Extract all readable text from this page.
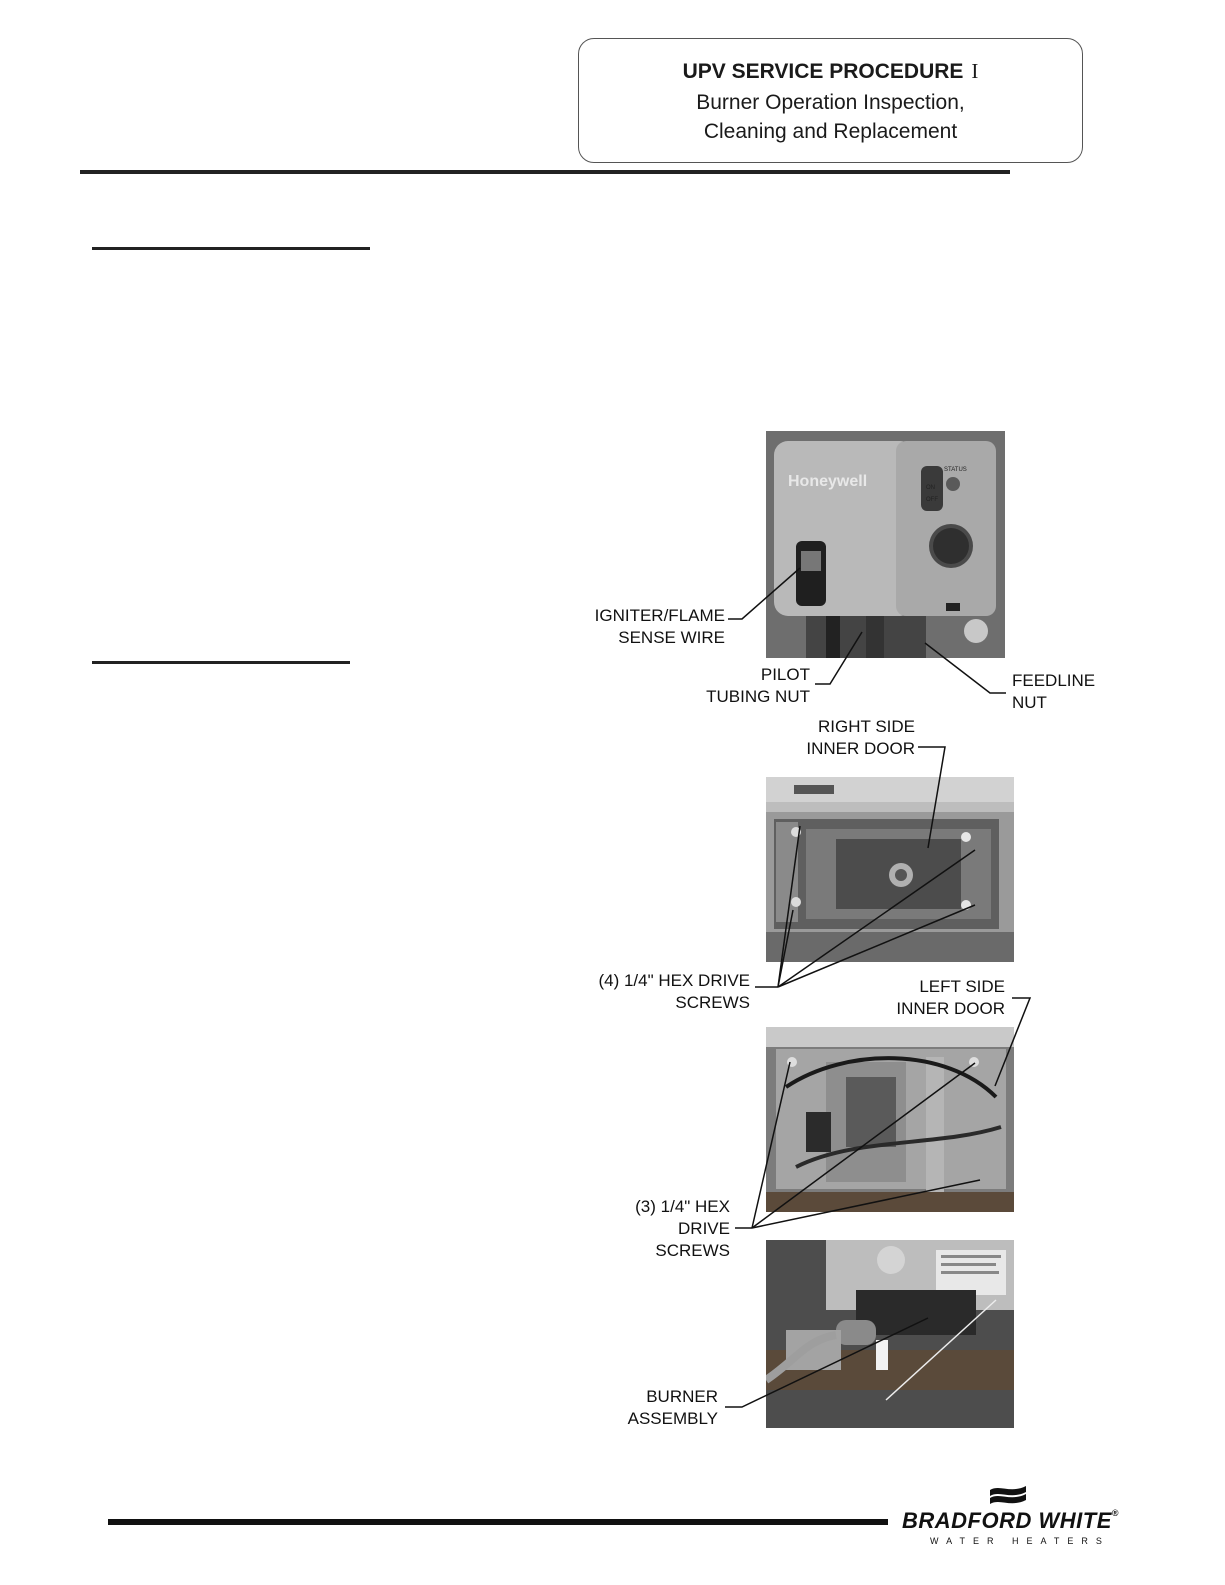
UPV SERVICE PROCEDURE I
Burner Operation Inspection,
Cleaning and Replacement
Honeywell
STATUS
ON
OFF
IGNITER/FLAME
SENSE WIRE
PILOT
TUBING NUT
FEEDLINE
NUT
RIGHT SIDE
INNER DOOR
(4) 1/4" HEX DRIVE
SCREWS
LEFT SIDE
INNER DOOR
(3) 1/4" HEX
DRIVE
SCREWS
BURNER
ASSEMBLY
BRADFORD WHITE®
WATER HEATERS
